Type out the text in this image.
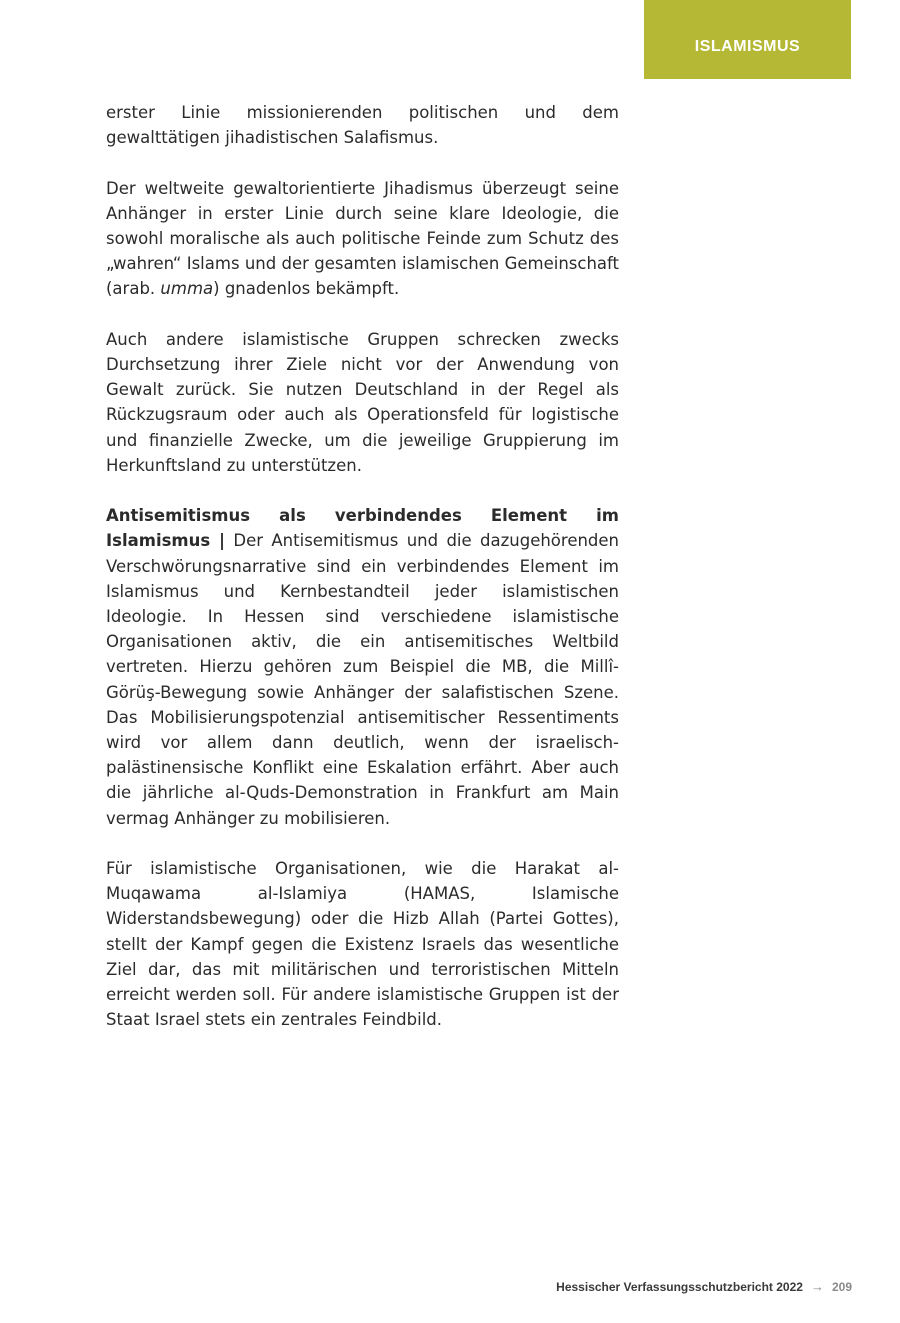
ISLAMISMUS

erster Linie missionierenden politischen und dem gewalttätigen jihadistischen Salafismus.

Der weltweite gewaltorientierte Jihadismus überzeugt seine Anhänger in erster Linie durch seine klare Ideologie, die sowohl moralische als auch politische Feinde zum Schutz des „wahren“ Islams und der gesamten islamischen Gemeinschaft (arab. umma) gnadenlos bekämpft.

Auch andere islamistische Gruppen schrecken zwecks Durchsetzung ihrer Ziele nicht vor der Anwendung von Gewalt zurück. Sie nutzen Deutschland in der Regel als Rückzugsraum oder auch als Operationsfeld für logistische und finanzielle Zwecke, um die jeweilige Gruppierung im Herkunftsland zu unterstützen.

Antisemitismus als verbindendes Element im Islamismus | Der Antisemitismus und die dazugehörenden Verschwörungsnarrative sind ein verbindendes Element im Islamismus und Kernbestandteil jeder islamistischen Ideologie. In Hessen sind verschiedene islamistische Organisationen aktiv, die ein antisemitisches Weltbild vertreten. Hierzu gehören zum Beispiel die MB, die Millî-Görüş-Bewegung sowie Anhänger der salafistischen Szene. Das Mobilisierungspotenzial antisemitischer Ressentiments wird vor allem dann deutlich, wenn der israelisch-palästinensische Konflikt eine Eskalation erfährt. Aber auch die jährliche al-Quds-Demonstration in Frankfurt am Main vermag Anhänger zu mobilisieren.

Für islamistische Organisationen, wie die Harakat al-Muqawama al-Islamiya (HAMAS, Islamische Widerstandsbewegung) oder die Hizb Allah (Partei Gottes), stellt der Kampf gegen die Existenz Israels das wesentliche Ziel dar, das mit militärischen und terroristischen Mitteln erreicht werden soll. Für andere islamistische Gruppen ist der Staat Israel stets ein zentrales Feindbild.

Hessischer Verfassungsschutzbericht 2022 → 209
